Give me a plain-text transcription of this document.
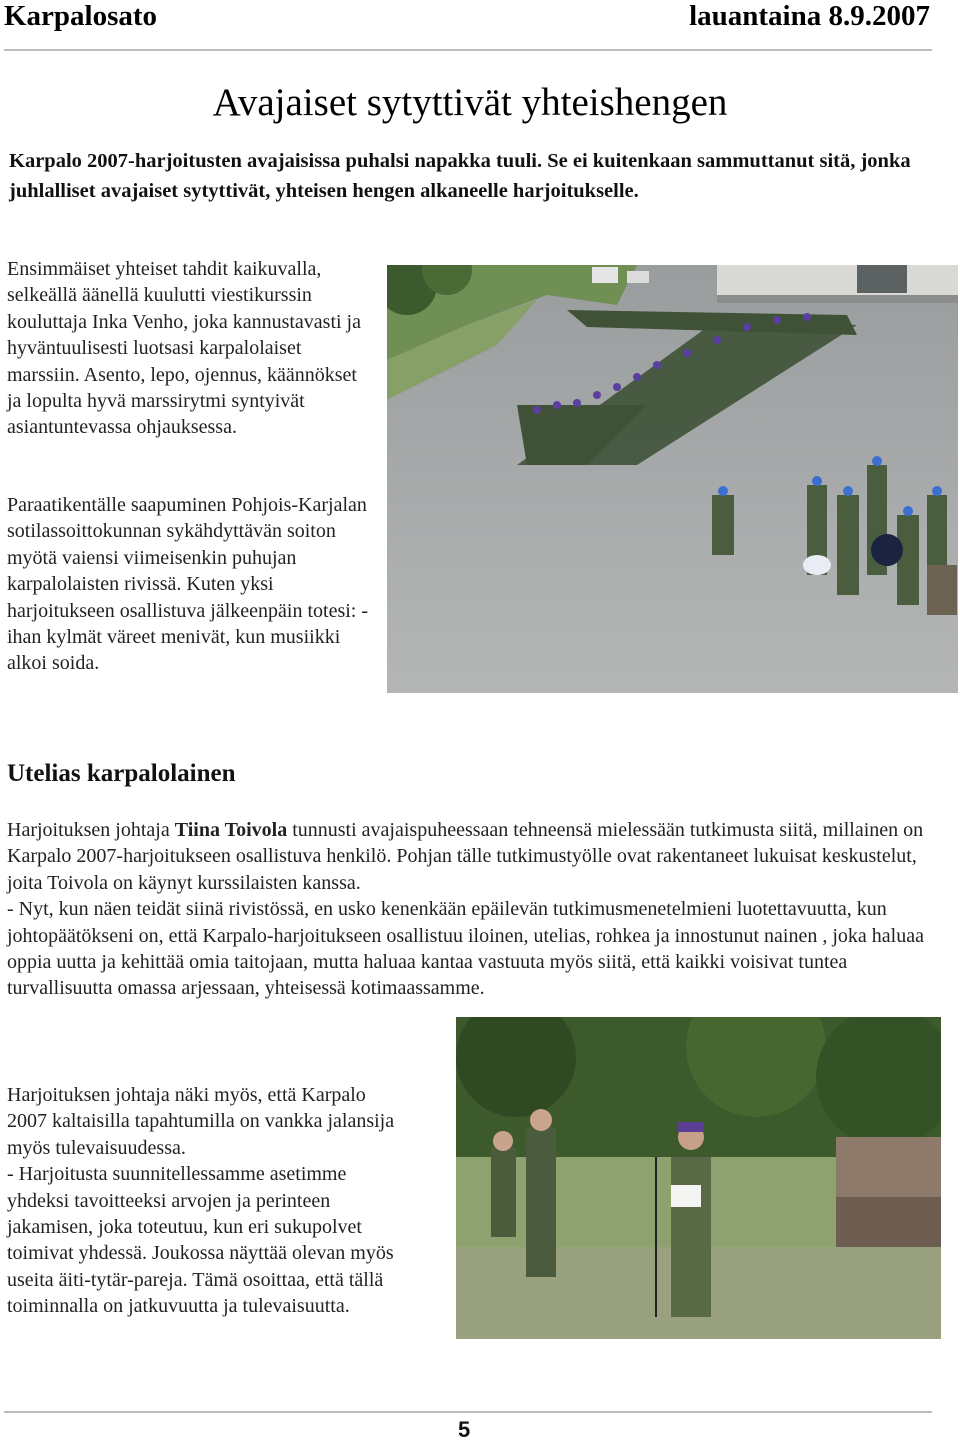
Karpalosato	lauantaina 8.9.2007
Avajaiset sytyttivät yhteishengen
Karpalo 2007-harjoitusten avajaisissa puhalsi napakka tuuli. Se ei kuitenkaan sammuttanut sitä, jonka juhlalliset avajaiset sytyttivät, yhteisen hengen alkaneelle harjoitukselle.

Ensimmäiset yhteiset tahdit kaikuvalla, selkeällä äänellä kuulutti viestikurssin kouluttaja Inka Venho, joka kannustavasti ja hyväntuulisesti luotsasi karpalolaiset marssiin. Asento, lepo, ojennus, käännökset ja lopulta hyvä marssirytmi syntyivät asiantuntevassa ohjauksessa.

Paraatikentälle saapuminen Pohjois-Karjalan sotilassoittokunnan sykähdyttävän soiton myötä vaiensi viimeisenkin puhujan karpalolaisten rivissä. Kuten yksi harjoitukseen osallistuva jälkeenpäin totesi: - ihan kylmät väreet menivät, kun musiikki alkoi soida.

Utelias karpalolainen
Harjoituksen johtaja Tiina Toivola tunnusti avajaispuheessaan tehneensä mielessään tutkimusta siitä, millainen on Karpalo 2007-harjoitukseen osallistuva henkilö. Pohjan tälle tutkimustyölle ovat rakentaneet lukuisat keskustelut, joita Toivola on käynyt kurssilaisten kanssa.
- Nyt, kun näen teidät siinä rivistössä, en usko kenenkään epäilevän tutkimusmenetelmieni luotettavuutta, kun johtopäätökseni on, että Karpalo-harjoitukseen osallistuu iloinen, utelias, rohkea ja innostunut nainen , joka haluaa oppia uutta ja kehittää omia taitojaan, mutta haluaa kantaa vastuuta myös siitä, että kaikki voisivat tuntea turvallisuutta omassa arjessaan, yhteisessä kotimaassamme.
Harjoituksen johtaja näki myös, että Karpalo 2007 kaltaisilla tapahtumilla on vankka jalansija myös tulevaisuudessa.
- Harjoitusta suunnitellessamme asetimme yhdeksi tavoitteeksi arvojen ja perinteen jakamisen, joka toteutuu, kun eri sukupolvet toimivat yhdessä. Joukossa näyttää olevan myös useita äiti-tytär-pareja. Tämä osoittaa, että tällä toiminnalla on jatkuvuutta ja tulevaisuutta.
5
